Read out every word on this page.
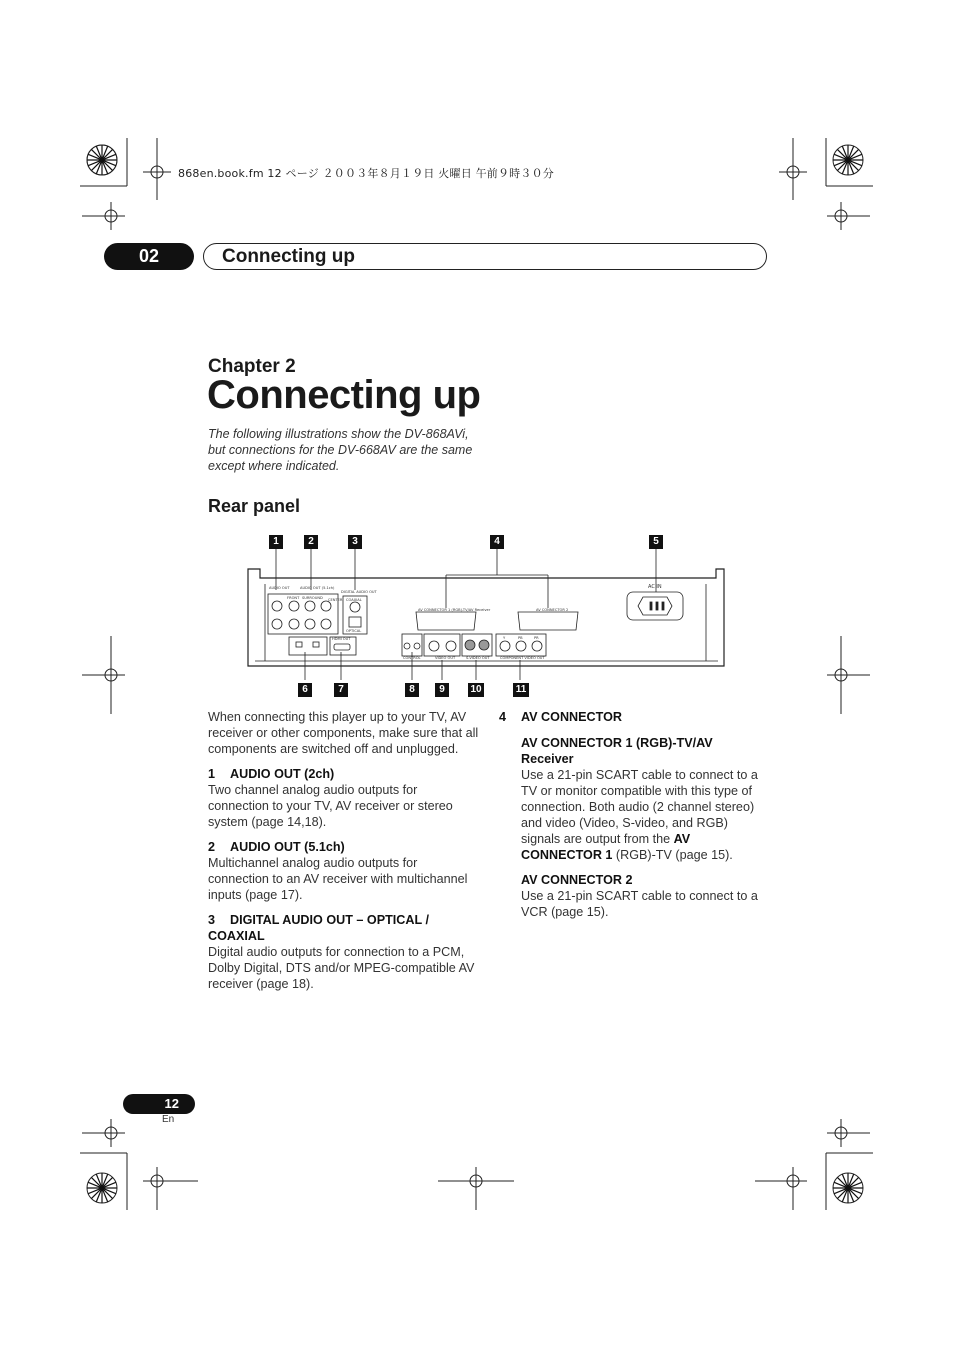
868en.book.fm 12 ページ ２００３年８月１９日 火曜日 午前９時３０分
02	Connecting up
Chapter 2
Connecting up
The following illustrations show the DV-868AVi, but connections for the DV-668AV are the same except where indicated.
Rear panel
1	2	3	4	5
6	7	8	9	10	11
AUDIO OUT	AUDIO OUT (5.1ch)
FRONT SURROUND CENTER
DIGITAL AUDIO OUT
COAXIAL
OPTICAL
AV CONNECTOR 1 (RGB)-TV/AV Receiver	AV CONNECTOR 2
AC IN
HDMI OUT
CONTROL	VIDEO OUT	S-VIDEO OUT	COMPONENT VIDEO OUT
Y	PB	PR

When connecting this player up to your TV, AV receiver or other components, make sure that all components are switched off and unplugged.

1 AUDIO OUT (2ch)

Two channel analog audio outputs for connection to your TV, AV receiver or stereo system (page 14,18).

2 AUDIO OUT (5.1ch)

Multichannel analog audio outputs for connection to an AV receiver with multichannel inputs (page 17).

3 DIGITAL AUDIO OUT – OPTICAL / COAXIAL

Digital audio outputs for connection to a PCM, Dolby Digital, DTS and/or MPEG-compatible AV receiver (page 18).

4 AV CONNECTOR

AV CONNECTOR 1 (RGB)-TV/AV Receiver

Use a 21-pin SCART cable to connect to a TV or monitor compatible with this type of connection. Both audio (2 channel stereo) and video (Video, S-video, and RGB) signals are output from the AV CONNECTOR 1 (RGB)-TV (page 15).

AV CONNECTOR 2

Use a 21-pin SCART cable to connect to a VCR (page 15).

12
En
